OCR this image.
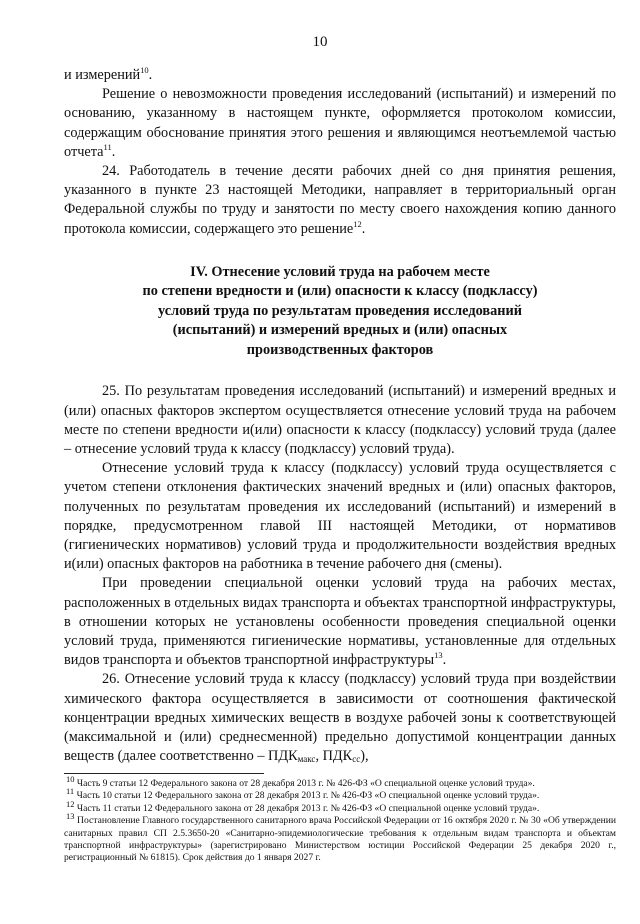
10

и измерений$^{10}$.

Решение о невозможности проведения исследований (испытаний) и измерений по основанию, указанному в настоящем пункте, оформляется протоколом комиссии, содержащим обоснование принятия этого решения и являющимся неотъемлемой частью отчета$^{11}$.

24. Работодатель в течение десяти рабочих дней со дня принятия решения, указанного в пункте 23 настоящей Методики, направляет в территориальный орган Федеральной службы по труду и занятости по месту своего нахождения копию данного протокола комиссии, содержащего это решение$^{12}$.

IV. Отнесение условий труда на рабочем месте
по степени вредности и (или) опасности к классу (подклассу)
условий труда по результатам проведения исследований
(испытаний) и измерений вредных и (или) опасных
производственных факторов

25. По результатам проведения исследований (испытаний) и измерений вредных и (или) опасных факторов экспертом осуществляется отнесение условий труда на рабочем месте по степени вредности и(или) опасности к классу (подклассу) условий труда (далее – отнесение условий труда к классу (подклассу) условий труда).

Отнесение условий труда к классу (подклассу) условий труда осуществляется с учетом степени отклонения фактических значений вредных и (или) опасных факторов, полученных по результатам проведения их исследований (испытаний) и измерений в порядке, предусмотренном главой III настоящей Методики, от нормативов (гигиенических нормативов) условий труда и продолжительности воздействия вредных и(или) опасных факторов на работника в течение рабочего дня (смены).

При проведении специальной оценки условий труда на рабочих местах, расположенных в отдельных видах транспорта и объектах транспортной инфраструктуры, в отношении которых не установлены особенности проведения специальной оценки условий труда, применяются гигиенические нормативы, установленные для отдельных видов транспорта и объектов транспортной инфраструктуры$^{13}$.

26. Отнесение условий труда к классу (подклассу) условий труда при воздействии химического фактора осуществляется в зависимости от соотношения фактической концентрации вредных химических веществ в воздухе рабочей зоны к соответствующей (максимальной и (или) среднесменной) предельно допустимой концентрации данных веществ (далее соответственно – $ПДК_{макс}$, $ПДК_{сс}$),

$^{10}$ Часть 9 статьи 12 Федерального закона от 28 декабря 2013 г. № 426-ФЗ «О специальной оценке условий труда».

$^{11}$ Часть 10 статьи 12 Федерального закона от 28 декабря 2013 г. № 426-ФЗ «О специальной оценке условий труда».

$^{12}$ Часть 11 статьи 12 Федерального закона от 28 декабря 2013 г. № 426-ФЗ «О специальной оценке условий труда».

$^{13}$ Постановление Главного государственного санитарного врача Российской Федерации от 16 октября 2020 г. № 30 «Об утверждении санитарных правил СП 2.5.3650-20 «Санитарно-эпидемиологические требования к отдельным видам транспорта и объектам транспортной инфраструктуры» (зарегистрировано Министерством юстиции Российской Федерации 25 декабря 2020 г., регистрационный № 61815). Срок действия до 1 января 2027 г.
